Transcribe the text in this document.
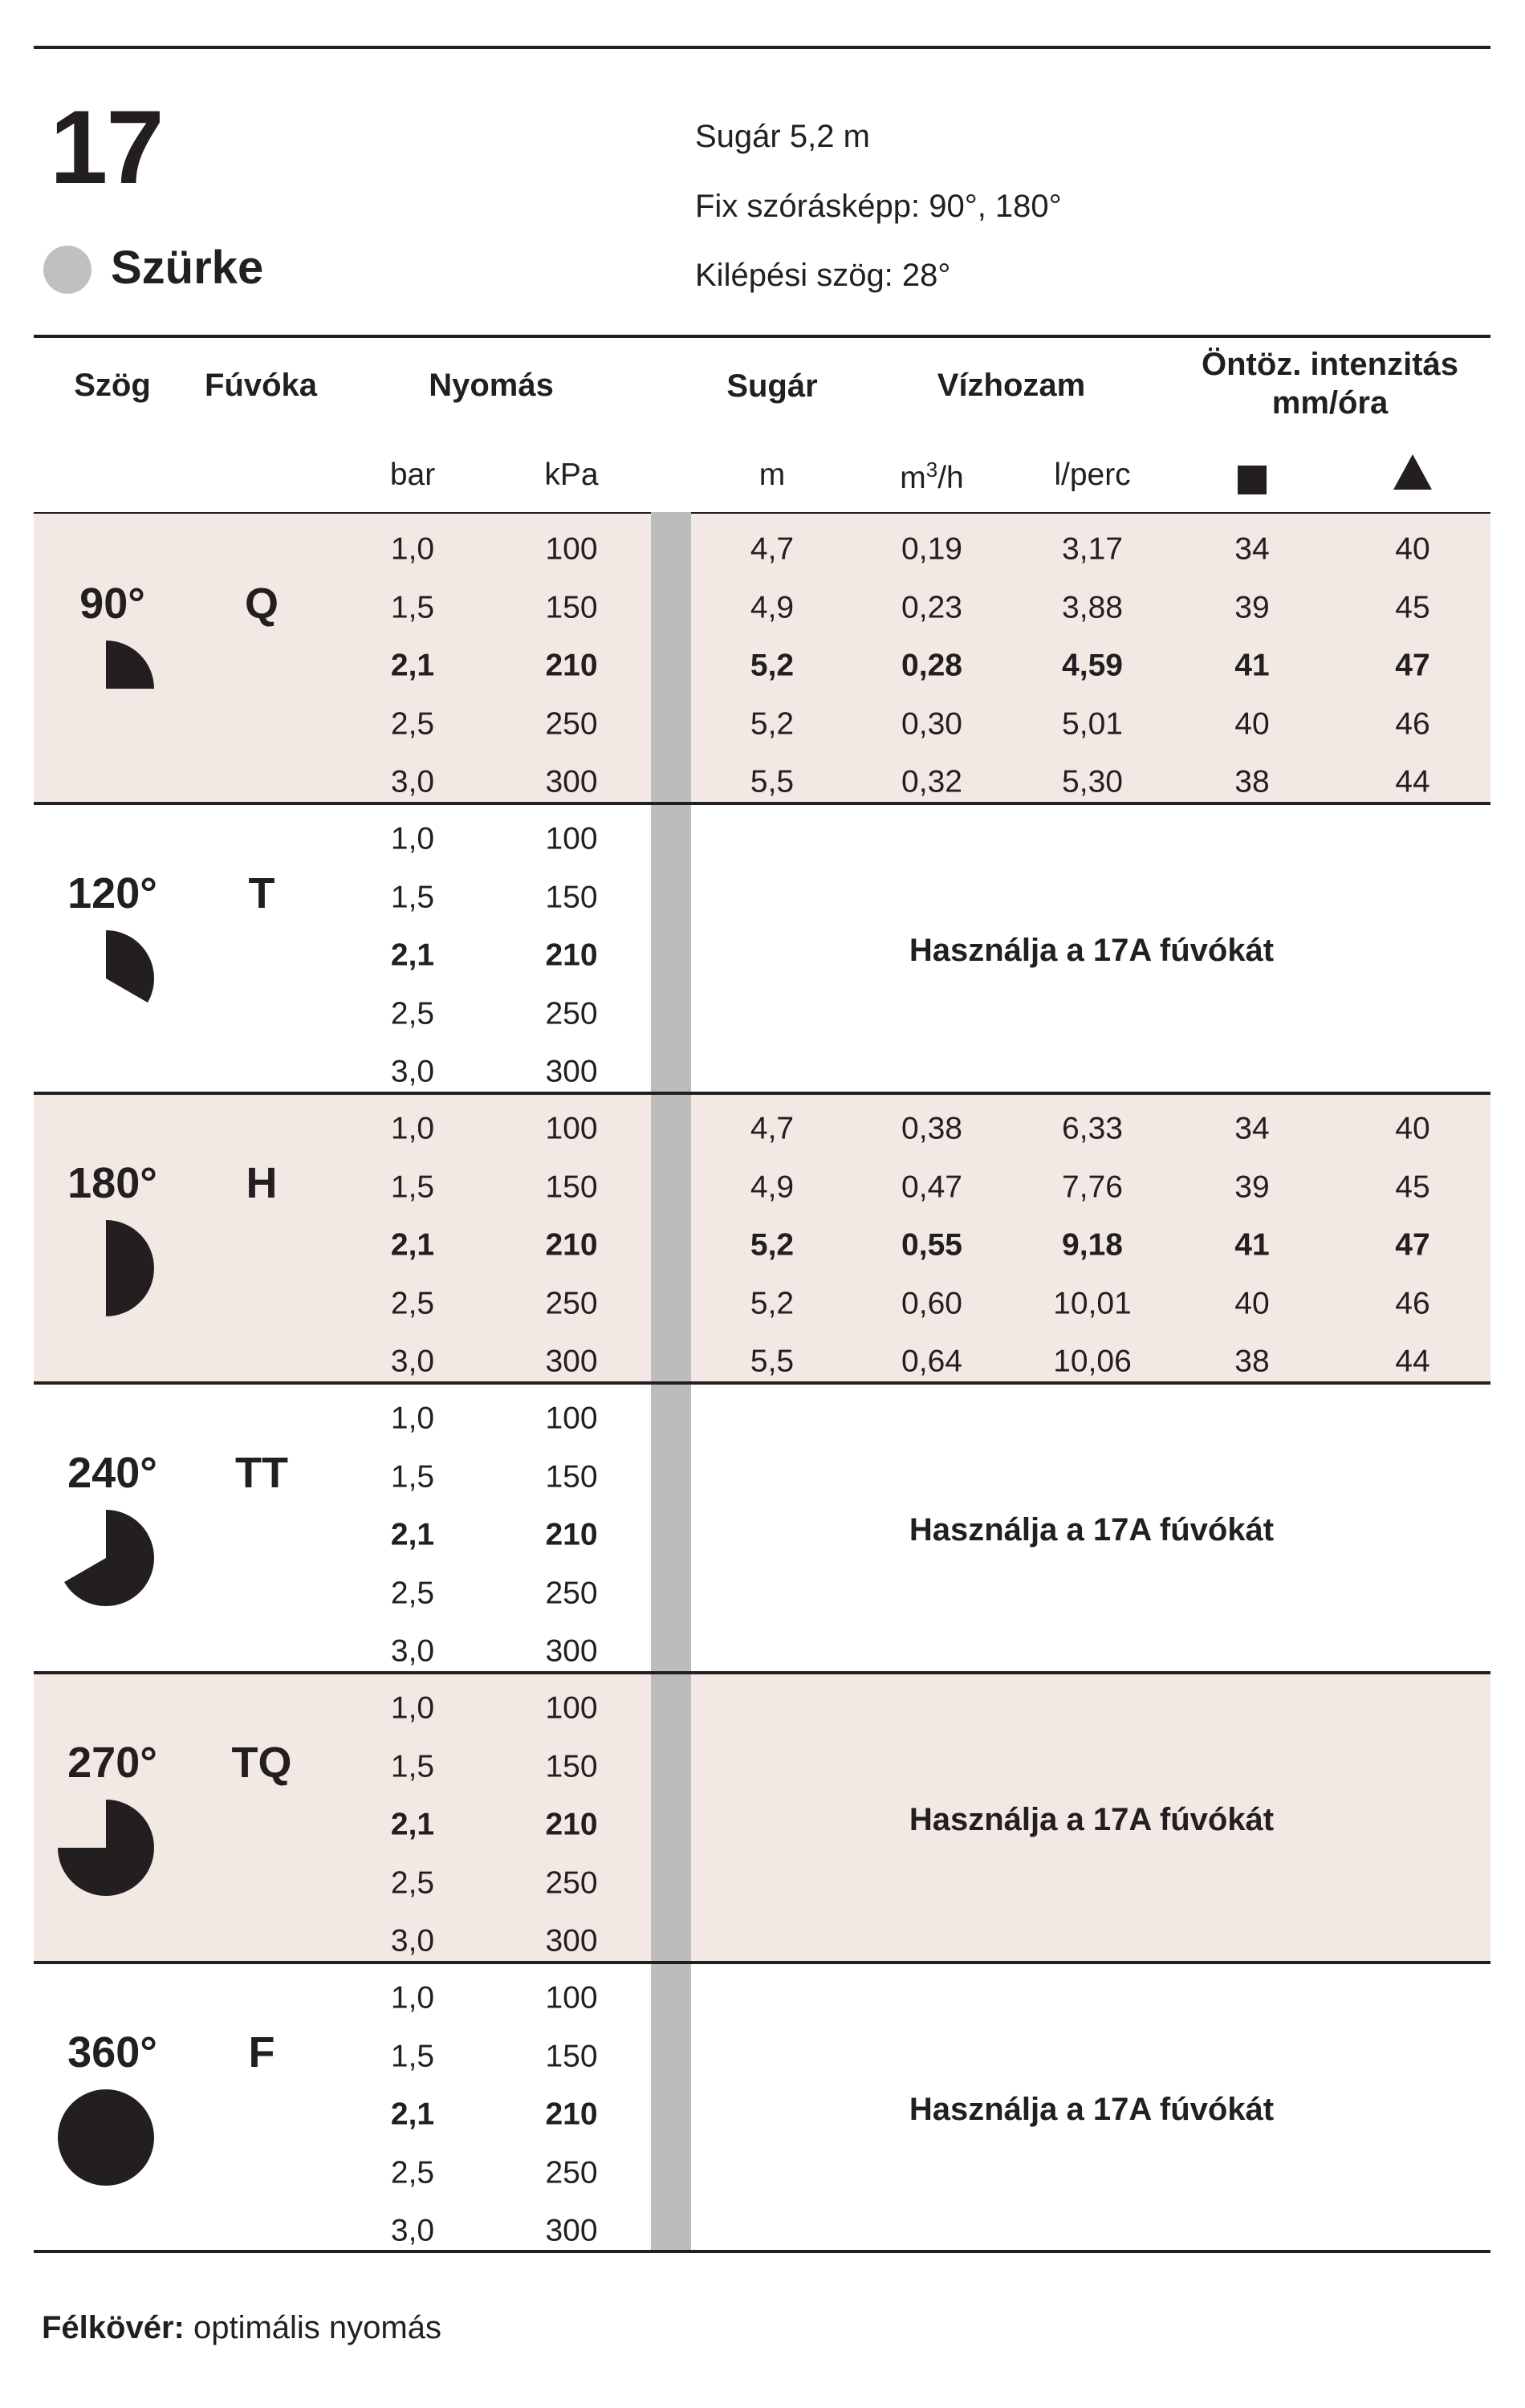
17
Szürke
Sugár 5,2 m
Fix szórásképp: 90°, 180°
Kilépési szög: 28°
Szög Fúvóka	Nyomás	Sugár	Vízhozam
Öntöz. intenzitás
mm/óra
bar	kPa	m	$m^3/h$	l/perc
90° Q
1,0	100	4,7	0,19	3,17	34	40
1,5	150	4,9	0,23	3,88	39	45
2,1	210	5,2	0,28	4,59	41	47
2,5	250	5,2	0,30	5,01	40	46
3,0	300	5,5	0,32	5,30	38	44
120° T
1,0	100
1,5	150
2,1	210
2,5	250
3,0	300
Használja a 17A fúvókát
180° H
1,0	100	4,7	0,38	6,33	34	40
1,5	150	4,9	0,47	7,76	39	45
2,1	210	5,2	0,55	9,18	41	47
2,5	250	5,2	0,60	10,01	40	46
3,0	300	5,5	0,64	10,06	38	44
240° TT
1,0	100
1,5	150
2,1	210
2,5	250
3,0	300
Használja a 17A fúvókát
270° TQ
1,0	100
1,5	150
2,1	210
2,5	250
3,0	300
Használja a 17A fúvókát
360° F
1,0	100
1,5	150
2,1	210
2,5	250
3,0	300
Használja a 17A fúvókát
Félkövér: optimális nyomás
